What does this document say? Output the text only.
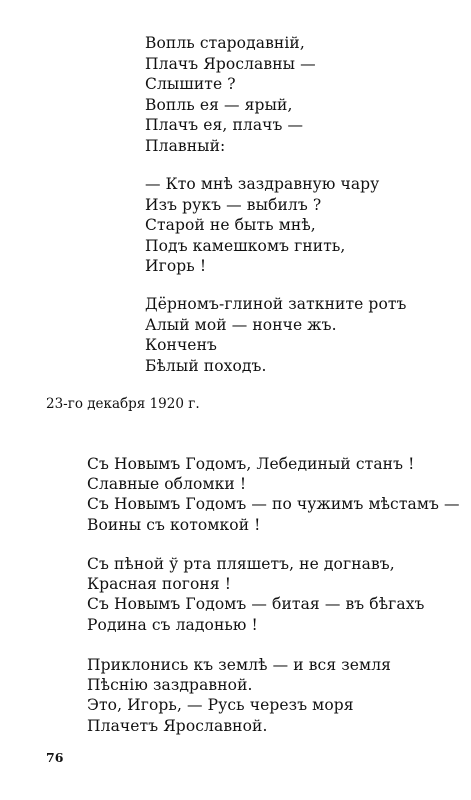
Вопль стародавній,
Плачъ Ярославны —
Слышите ?
Вопль ея — ярый,
Плачъ ея, плачъ —
Плавный:
— Кто мнѣ заздравную чару
Изъ рукъ — выбилъ ?
Старой не быть мнѣ,
Подъ камешкомъ гнить,
Игорь !
Дёрномъ-глиной заткните ротъ
Алый мой — нонче жъ.
Конченъ
Бѣлый походъ.
23-го декабря 1920 г.
Съ Новымъ Годомъ, Лебединый станъ !
Славные обломки !
Съ Новымъ Годомъ — по чужимъ мѣстамъ —
Воины съ котомкой !
Съ пѣной ў рта пляшетъ, не догнавъ,
Красная погоня !
Съ Новымъ Годомъ — битая — въ бѣгахъ
Родина съ ладонью !
Приклонись къ землѣ — и вся земля
Пѣснію заздравной.
Это, Игорь, — Русь черезъ моря
Плачетъ Ярославной.
76
